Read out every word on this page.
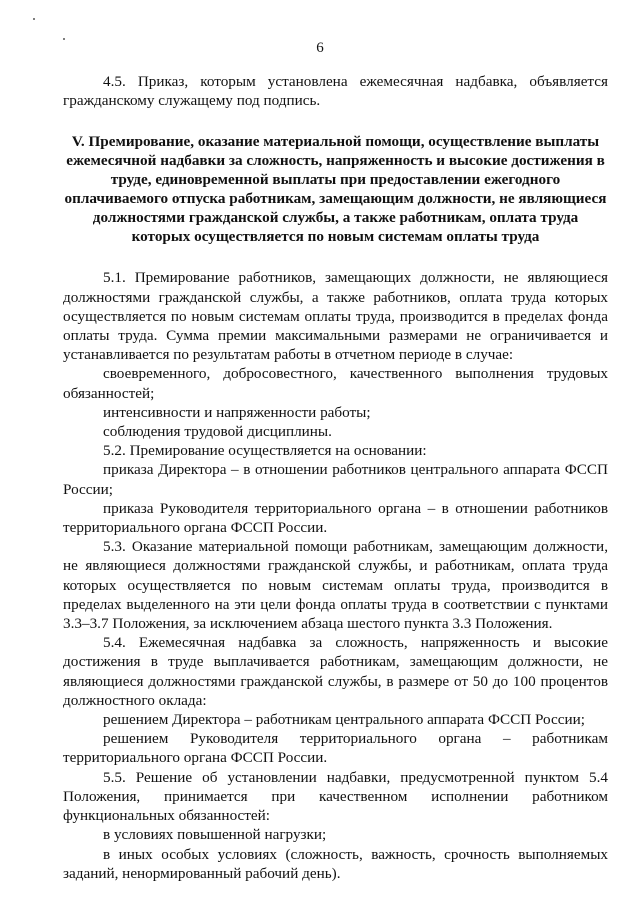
6

4.5. Приказ, которым установлена ежемесячная надбавка, объявляется гражданскому служащему под подпись.

V. Премирование, оказание материальной помощи, осуществление выплаты ежемесячной надбавки за сложность, напряженность и высокие достижения в труде, единовременной выплаты при предоставлении ежегодного оплачиваемого отпуска работникам, замещающим должности, не являющиеся должностями гражданской службы, а также работникам, оплата труда которых осуществляется по новым системам оплаты труда

5.1. Премирование работников, замещающих должности, не являющиеся должностями гражданской службы, а также работников, оплата труда которых осуществляется по новым системам оплаты труда, производится в пределах фонда оплаты труда. Сумма премии максимальными размерами не ограничивается и устанавливается по результатам работы в отчетном периоде в случае:

своевременного, добросовестного, качественного выполнения трудовых обязанностей;

интенсивности и напряженности работы;

соблюдения трудовой дисциплины.

5.2. Премирование осуществляется на основании:

приказа Директора – в отношении работников центрального аппарата ФССП России;

приказа Руководителя территориального органа – в отношении работников территориального органа ФССП России.

5.3. Оказание материальной помощи работникам, замещающим должности, не являющиеся должностями гражданской службы, и работникам, оплата труда которых осуществляется по новым системам оплаты труда, производится в пределах выделенного на эти цели фонда оплаты труда в соответствии с пунктами 3.3–3.7 Положения, за исключением абзаца шестого пункта 3.3 Положения.

5.4. Ежемесячная надбавка за сложность, напряженность и высокие достижения в труде выплачивается работникам, замещающим должности, не являющиеся должностями гражданской службы, в размере от 50 до 100 процентов должностного оклада:

решением Директора – работникам центрального аппарата ФССП России;

решением Руководителя территориального органа – работникам территориального органа ФССП России.

5.5. Решение об установлении надбавки, предусмотренной пунктом 5.4 Положения, принимается при качественном исполнении работником функциональных обязанностей:

в условиях повышенной нагрузки;

в иных особых условиях (сложность, важность, срочность выполняемых заданий, ненормированный рабочий день).
